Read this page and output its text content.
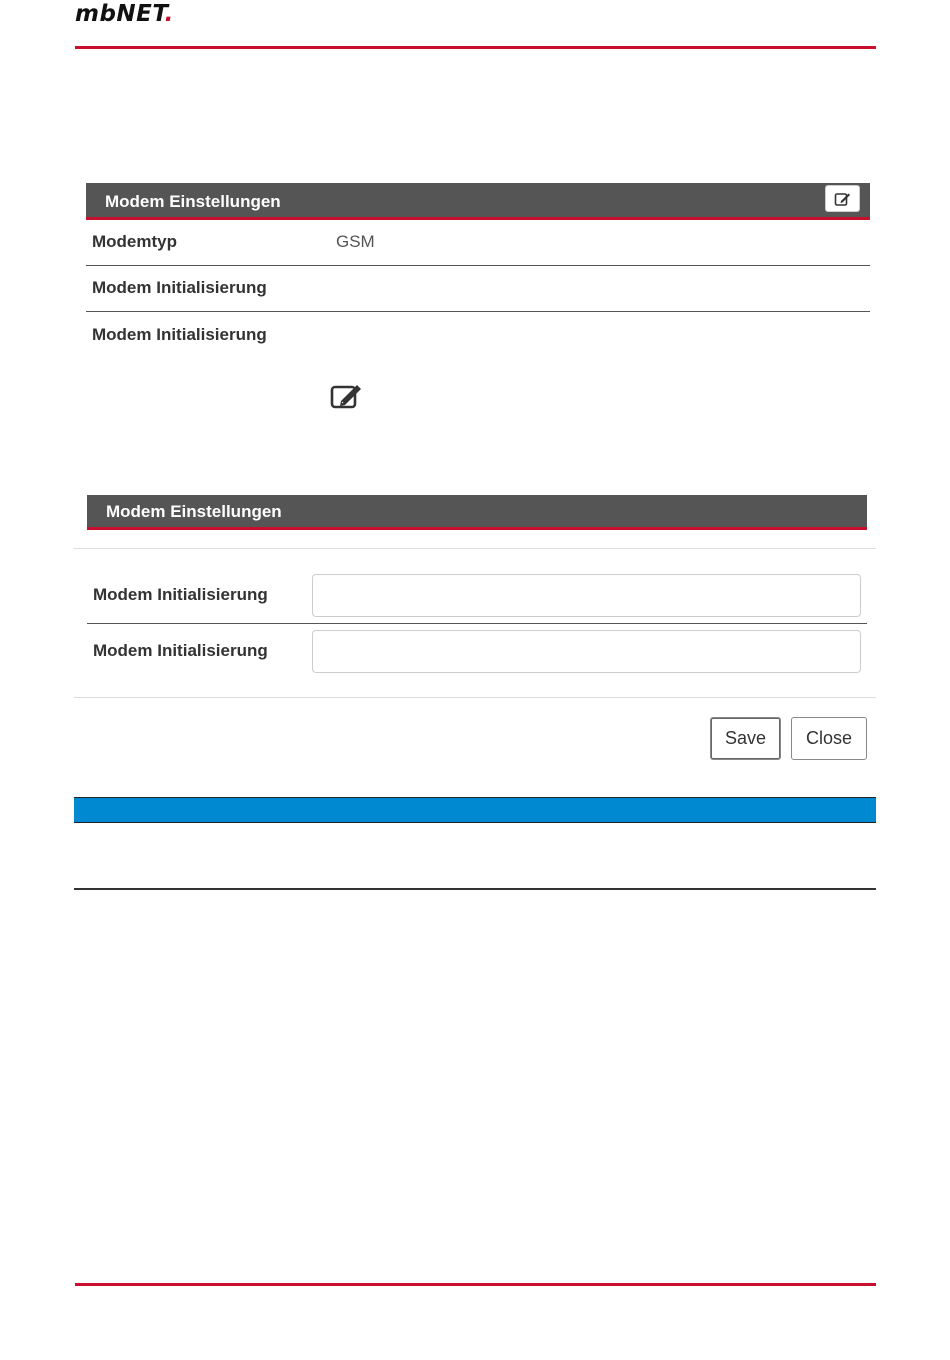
mbNET.
Modem Einstellungen
Modemtyp	GSM
Modem Initialisierung
Modem Initialisierung
Modem Einstellungen
Modem Initialisierung
Modem Initialisierung
Save	Close
